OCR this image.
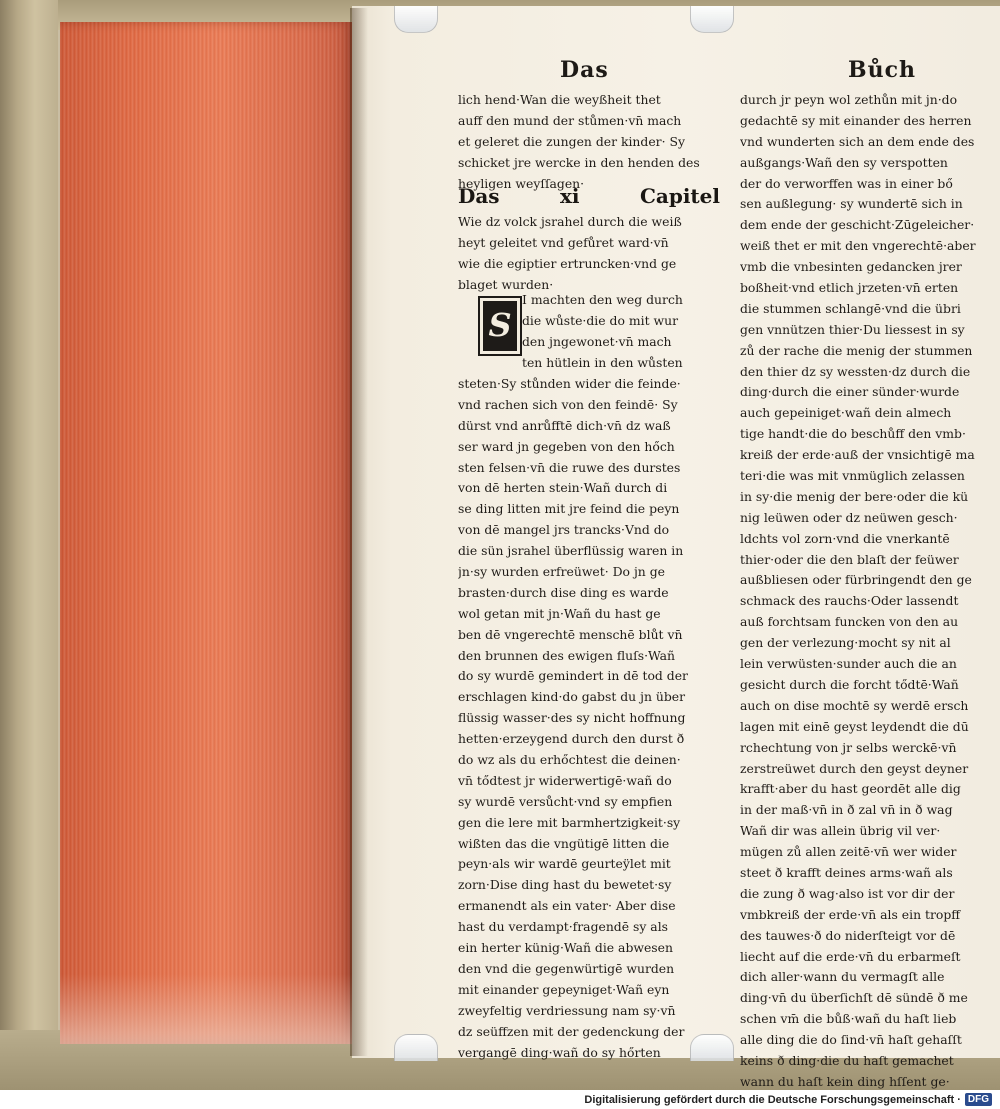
Das	Bůch
lich hend·Wan die weyßheit thet
auff den mund der stůmen·vn̄ mach
et geleret die zungen der kinder· Sy
schicket jre wercke in den henden des
heyligen weyſſagen·
Das	xi	Capitel
Wie dz volck jsrahel durch die weiß
heyt geleitet vnd gefůret ward·vn̄
wie die egiptier ertruncken·vnd ge
blaget wurden·
S
I machten den weg durch
die wůste·die do mit wur
den jngewonet·vn̄ mach
ten hütlein in den wůsten
steten·Sy stůnden wider die feinde·
vnd rachen sich von den feindē· Sy
dürst vnd anrůfftē dich·vn̄ dz waß
ser ward jn gegeben von den hőch
sten felsen·vn̄ die ruwe des durstes
von dē herten stein·Wañ durch di
se ding litten mit jre feind die peyn
von dē mangel jrs trancks·Vnd do
die sün jsrahel überflüssig waren in
jn·sy wurden erfreüwet· Do jn ge
brasten·durch dise ding es warde
wol getan mit jn·Wañ du hast ge
ben dē vngerechtē menschē blůt vn̄
den brunnen des ewigen fluſs·Wañ
do sy wurdē gemindert in dē tod der
erschlagen kind·do gabst du jn über
flüssig wasser·des sy nicht hoffnung
hetten·erzeygend durch den durst ð
do wz als du erhőchtest die deinen·
vn̄ tődtest jr widerwertigē·wañ do
sy wurdē versůcht·vnd sy empfien
gen die lere mit barmhertzigkeit·sy
wißten das die vngütigē litten die
peyn·als wir wardē geurteÿlet mit
zorn·Dise ding hast du bewetet·sy
ermanendt als ein vater· Aber dise
hast du verdampt·fragendē sy als
ein herter künig·Wañ die abwesen
den vnd die gegenwürtigē wurden
mit einander gepeyniget·Wañ eyn
zweyfeltig verdriessung nam sy·vn̄
dz seüffzen mit der gedenckung der
vergangē ding·wañ do sy hőrten
durch jr peyn wol zethůn mit jn·do
gedachtē sy mit einander des herren
vnd wunderten sich an dem ende des
außgangs·Wañ den sy verspotten
der do verworffen was in einer bő
sen außlegung· sy wundertē sich in
dem ende der geschicht·Zūgeleicher·
weiß thet er mit den vngerechtē·aber
vmb die vnbesinten gedancken jrer
boßheit·vnd etlich jrzeten·vn̄ erten
die stummen schlangē·vnd die übri
gen vnnützen thier·Du liessest in sy
zů der rache die menig der stummen
den thier dz sy wessten·dz durch die
ding·durch die einer sünder·wurde
auch gepeiniget·wañ dein almech
tige handt·die do beschůff den vmb·
kreiß der erde·auß der vnsichtigē ma
teri·die was mit vnmüglich zelassen
in sy·die menig der bere·oder die kü
nig leüwen oder dz neüwen gesch·
ldchts vol zorn·vnd die vnerkantē
thier·oder die den blaſt der feüwer
außbliesen oder fürbringendt den ge
schmack des rauchs·Oder lassendt
auß forchtsam funcken von den au
gen der verlezung·mocht sy nit al
lein verwüsten·sunder auch die an
gesicht durch die forcht tődtē·Wañ
auch on dise mochtē sy werdē ersch
lagen mit einē geyst leydendt die dū
rchechtung von jr selbs werckē·vn̄
zerstreüwet durch den geyst deyner
krafft·aber du hast geordēt alle dig
in der maß·vn̄ in ð zal vn̄ in ð wag
Wañ dir was allein übrig vil ver·
mügen zů allen zeitē·vn̄ wer wider
steet ð krafft deines arms·wañ als
die zung ð wag·also ist vor dir der
vmbkreiß der erde·vn̄ als ein tropff
des tauwes·ð do niderſteigt vor dē
liecht auf die erde·vn̄ du erbarmeſt
dich aller·wann du vermagſt alle
ding·vn̄ du überſichſt dē sündē ð me
schen vm̄ die bůß·wañ du haſt lieb
alle ding die do ſind·vn̄ haſt gehaſſt
keins ð ding·die du haſt gemachet
wann du haſt kein ding hſſent ge·
Digitalisierung gefördert durch die Deutsche Forschungsgemeinschaft · DFG
